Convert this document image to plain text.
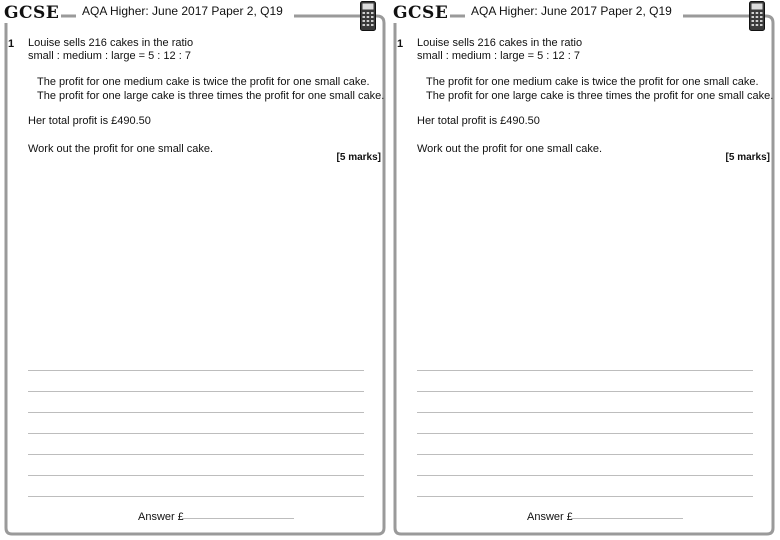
GCSE AQA Higher: June 2017 Paper 2, Q19
1 Louise sells 216 cakes in the ratio
small : medium : large = 5 : 12 : 7
The profit for one medium cake is twice the profit for one small cake.
The profit for one large cake is three times the profit for one small cake.
Her total profit is £490.50
Work out the profit for one small cake.
[5 marks]
Answer £
GCSE AQA Higher: June 2017 Paper 2, Q19
1 Louise sells 216 cakes in the ratio
small : medium : large = 5 : 12 : 7
The profit for one medium cake is twice the profit for one small cake.
The profit for one large cake is three times the profit for one small cake.
Her total profit is £490.50
Work out the profit for one small cake.
[5 marks]
Answer £
